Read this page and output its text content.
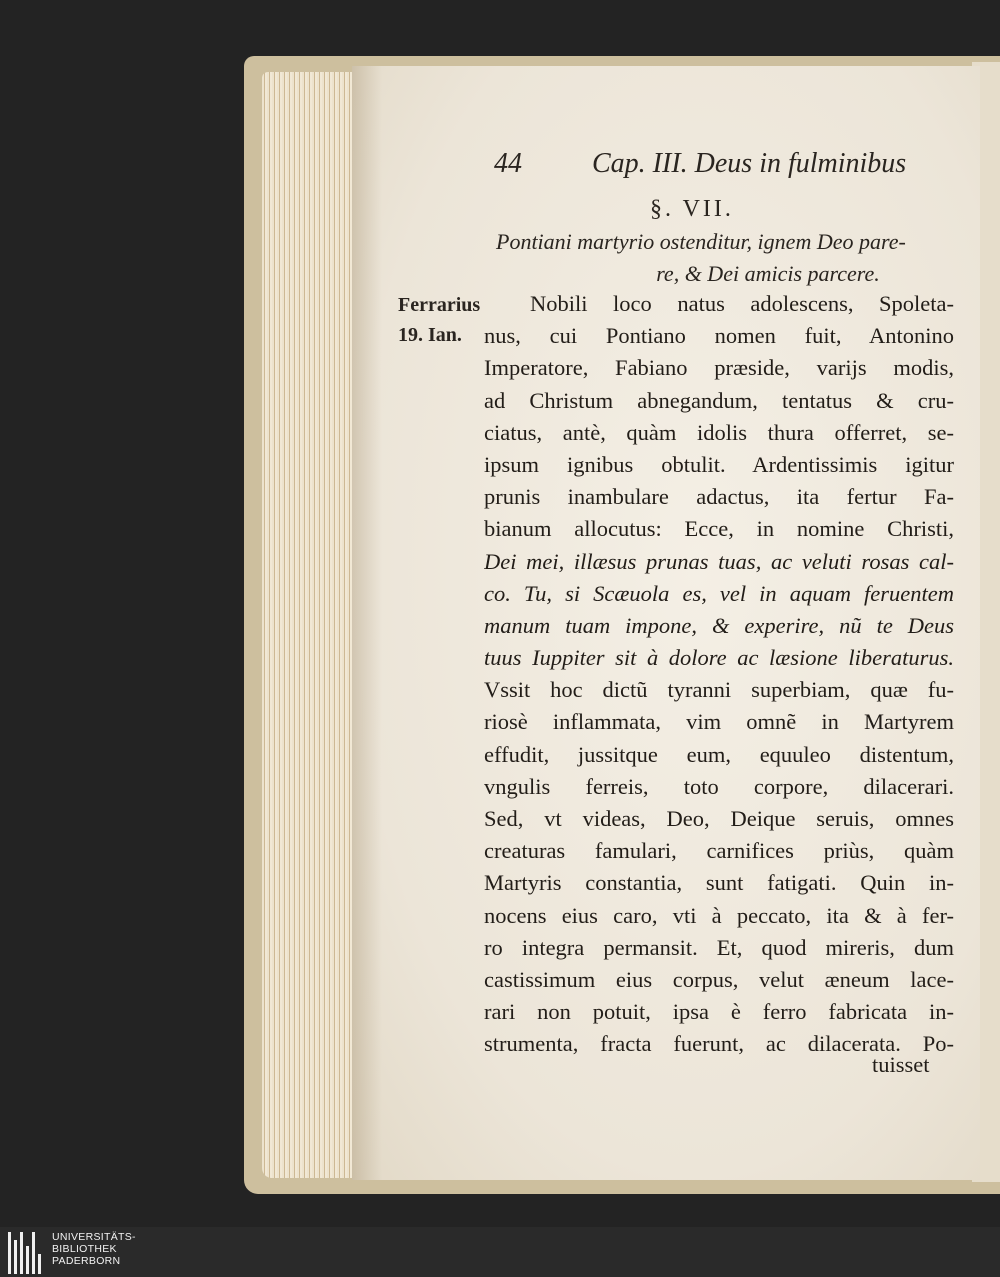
44	Cap. III. Deus in fulminibus
§. VII.
Pontiani martyrio ostenditur, ignem Deo pare-
re, & Dei amicis parcere.
Ferrarius
19. Ian.
Nobili loco natus adolescens, Spoleta-
nus, cui Pontiano nomen fuit, Antonino
Imperatore, Fabiano præside, varijs modis,
ad Christum abnegandum, tentatus & cru-
ciatus, antè, quàm idolis thura offerret, se-
ipsum ignibus obtulit. Ardentissimis igitur
prunis inambulare adactus, ita fertur Fa-
bianum allocutus: Ecce, in nomine Christi,
Dei mei, illæsus prunas tuas, ac veluti rosas cal-
co. Tu, si Scæuola es, vel in aquam feruentem
manum tuam impone, & experire, nũ te Deus
tuus Iuppiter sit à dolore ac læsione liberaturus.
Vssit hoc dictũ tyranni superbiam, quæ fu-
riosè inflammata, vim omnẽ in Martyrem
effudit, jussitque eum, equuleo distentum,
vngulis ferreis, toto corpore, dilacerari.
Sed, vt videas, Deo, Deique seruis, omnes
creaturas famulari, carnifices priùs, quàm
Martyris constantia, sunt fatigati. Quin in-
nocens eius caro, vti à peccato, ita & à fer-
ro integra permansit. Et, quod mireris, dum
castissimum eius corpus, velut æneum lace-
rari non potuit, ipsa è ferro fabricata in-
strumenta, fracta fuerunt, ac dilacerata. Po-
tuisset
UNIVERSITÄTS-
BIBLIOTHEK
PADERBORN
